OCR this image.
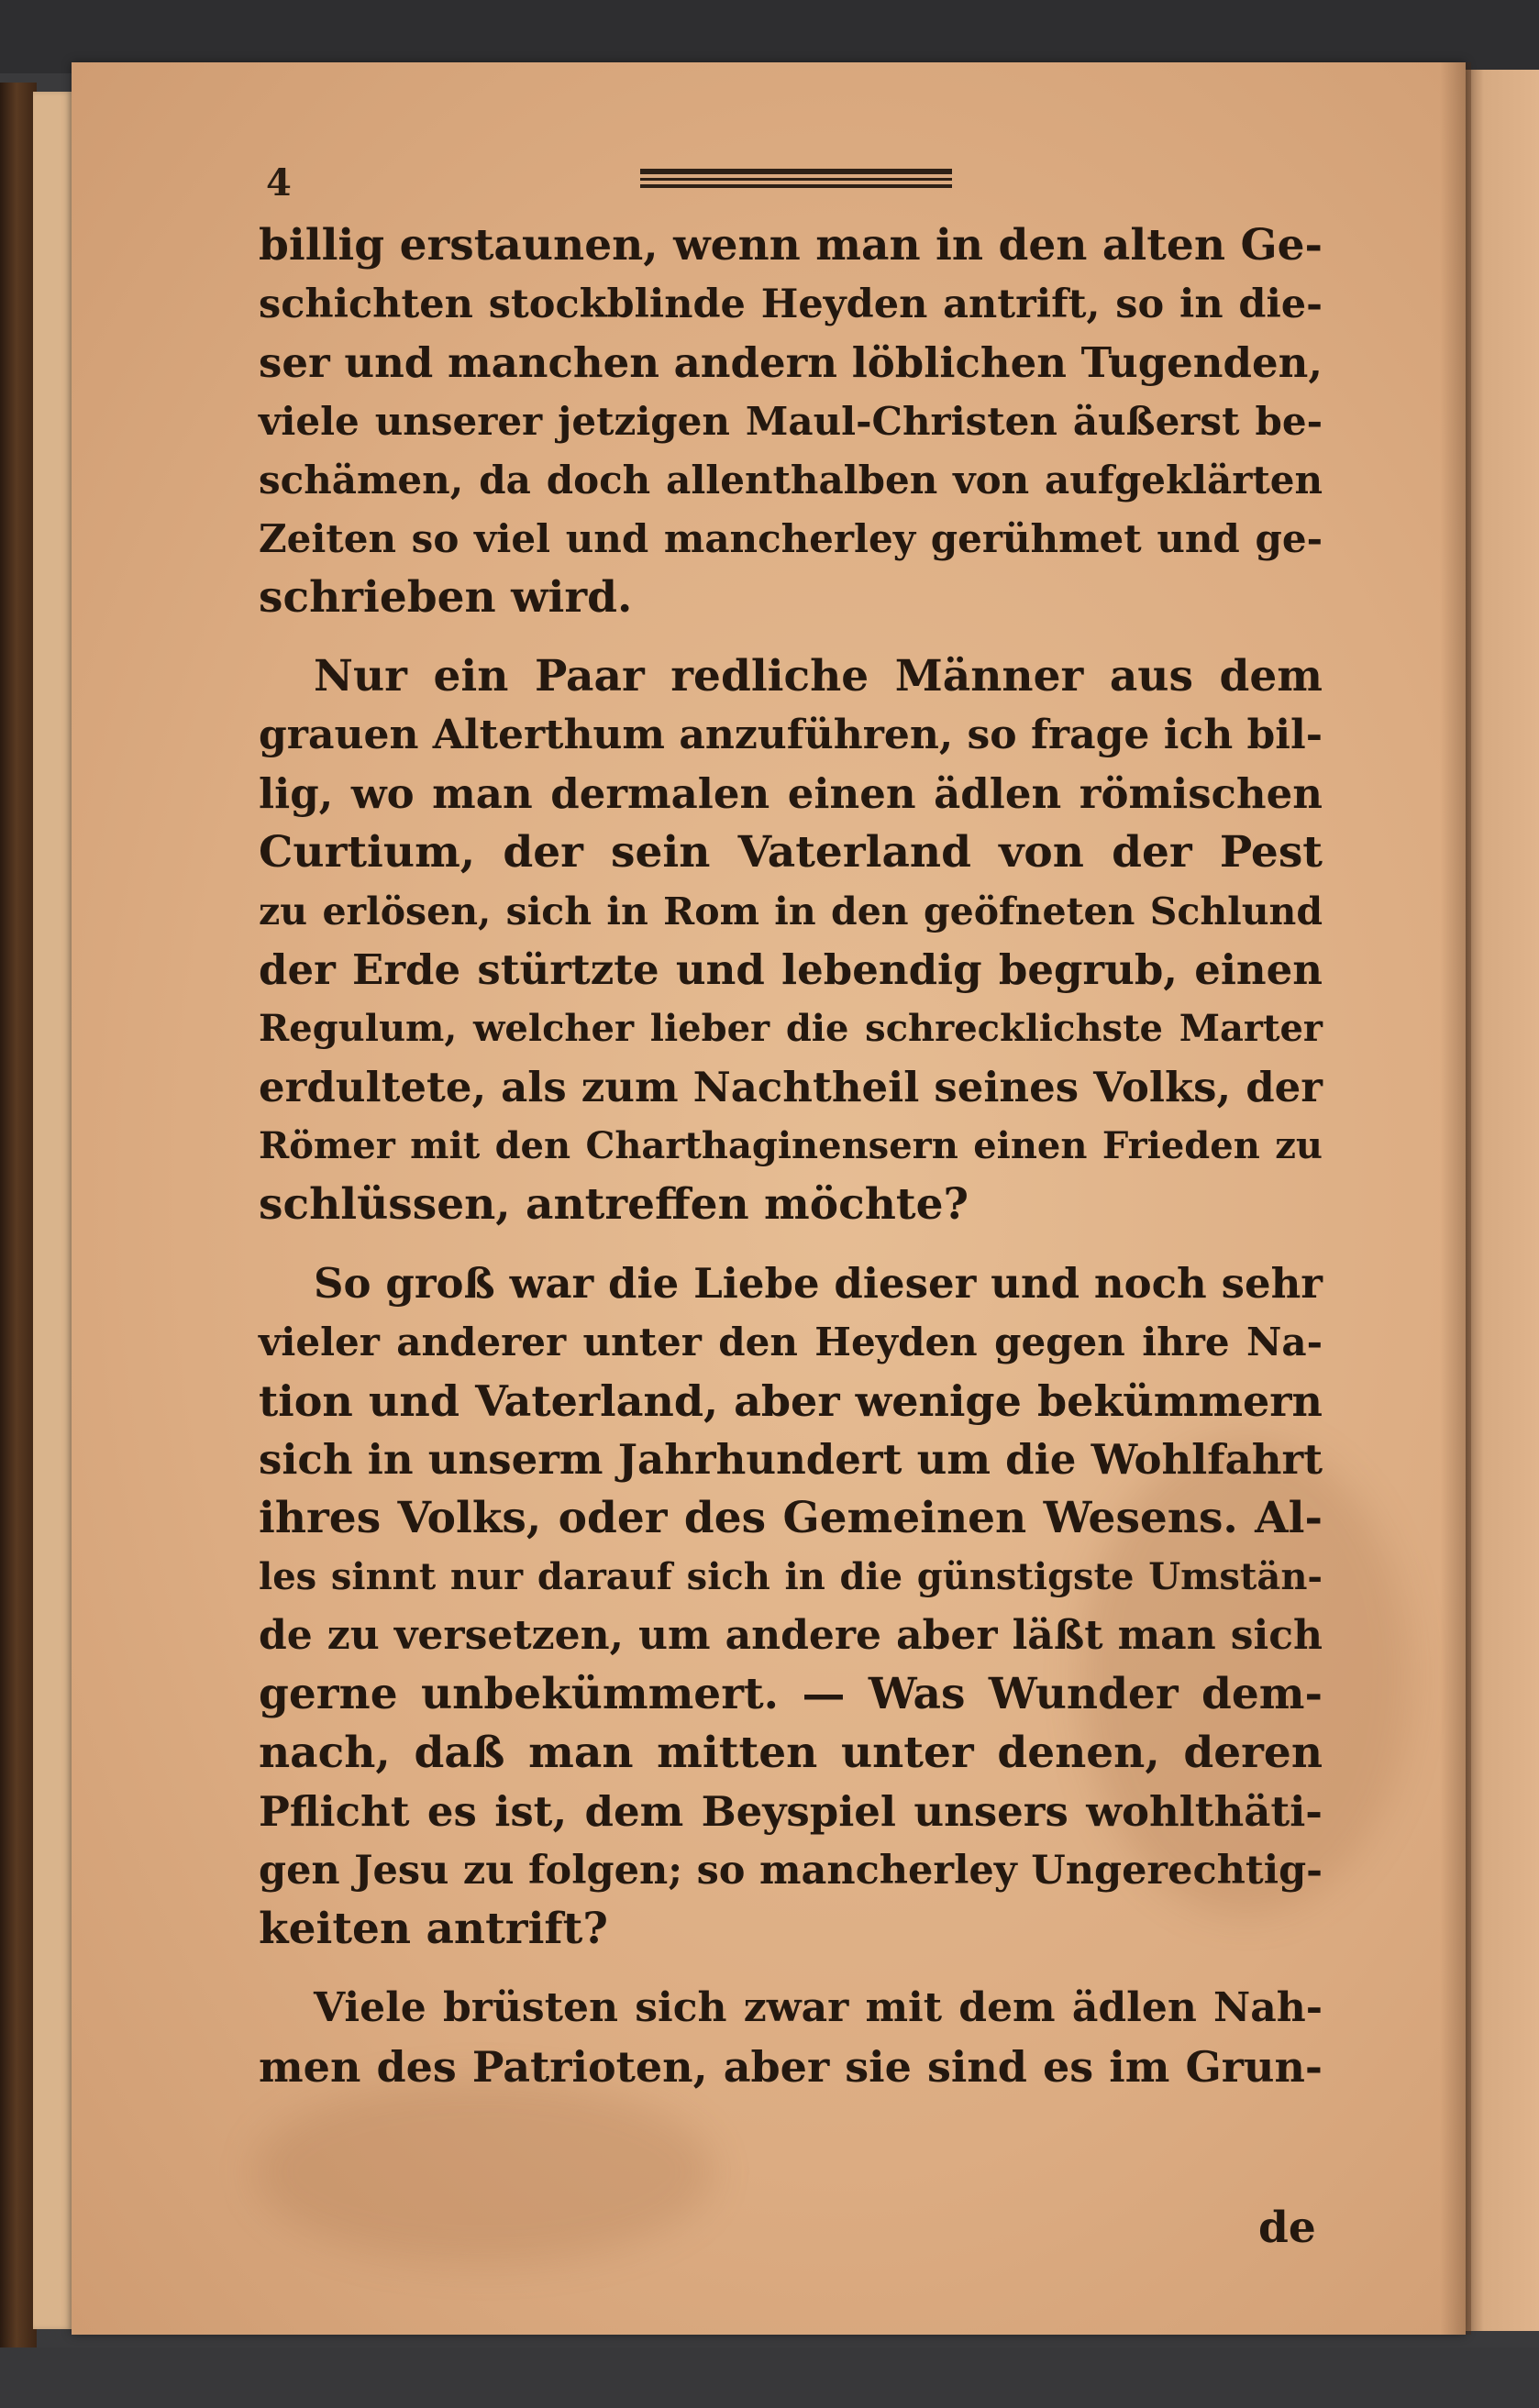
4
billig erstaunen, wenn man in den alten Ge-
schichten stockblinde Heyden antrift, so in die-
ser und manchen andern löblichen Tugenden,
viele unserer jetzigen Maul-Christen äußerst be-
schämen, da doch allenthalben von aufgeklärten
Zeiten so viel und mancherley gerühmet und ge-
schrieben wird.
Nur ein Paar redliche Männer aus dem
grauen Alterthum anzuführen, so frage ich bil-
lig, wo man dermalen einen ädlen römischen
Curtium, der sein Vaterland von der Pest
zu erlösen, sich in Rom in den geöfneten Schlund
der Erde stürtzte und lebendig begrub, einen
Regulum, welcher lieber die schrecklichste Marter
erdultete, als zum Nachtheil seines Volks, der
Römer mit den Charthaginensern einen Frieden zu
schlüssen, antreffen möchte?
So groß war die Liebe dieser und noch sehr
vieler anderer unter den Heyden gegen ihre Na-
tion und Vaterland, aber wenige bekümmern
sich in unserm Jahrhundert um die Wohlfahrt
ihres Volks, oder des Gemeinen Wesens. Al-
les sinnt nur darauf sich in die günstigste Umstän-
de zu versetzen, um andere aber läßt man sich
gerne unbekümmert. — Was Wunder dem-
nach, daß man mitten unter denen, deren
Pflicht es ist, dem Beyspiel unsers wohlthäti-
gen Jesu zu folgen; so mancherley Ungerechtig-
keiten antrift?
Viele brüsten sich zwar mit dem ädlen Nah-
men des Patrioten, aber sie sind es im Grun-
de
